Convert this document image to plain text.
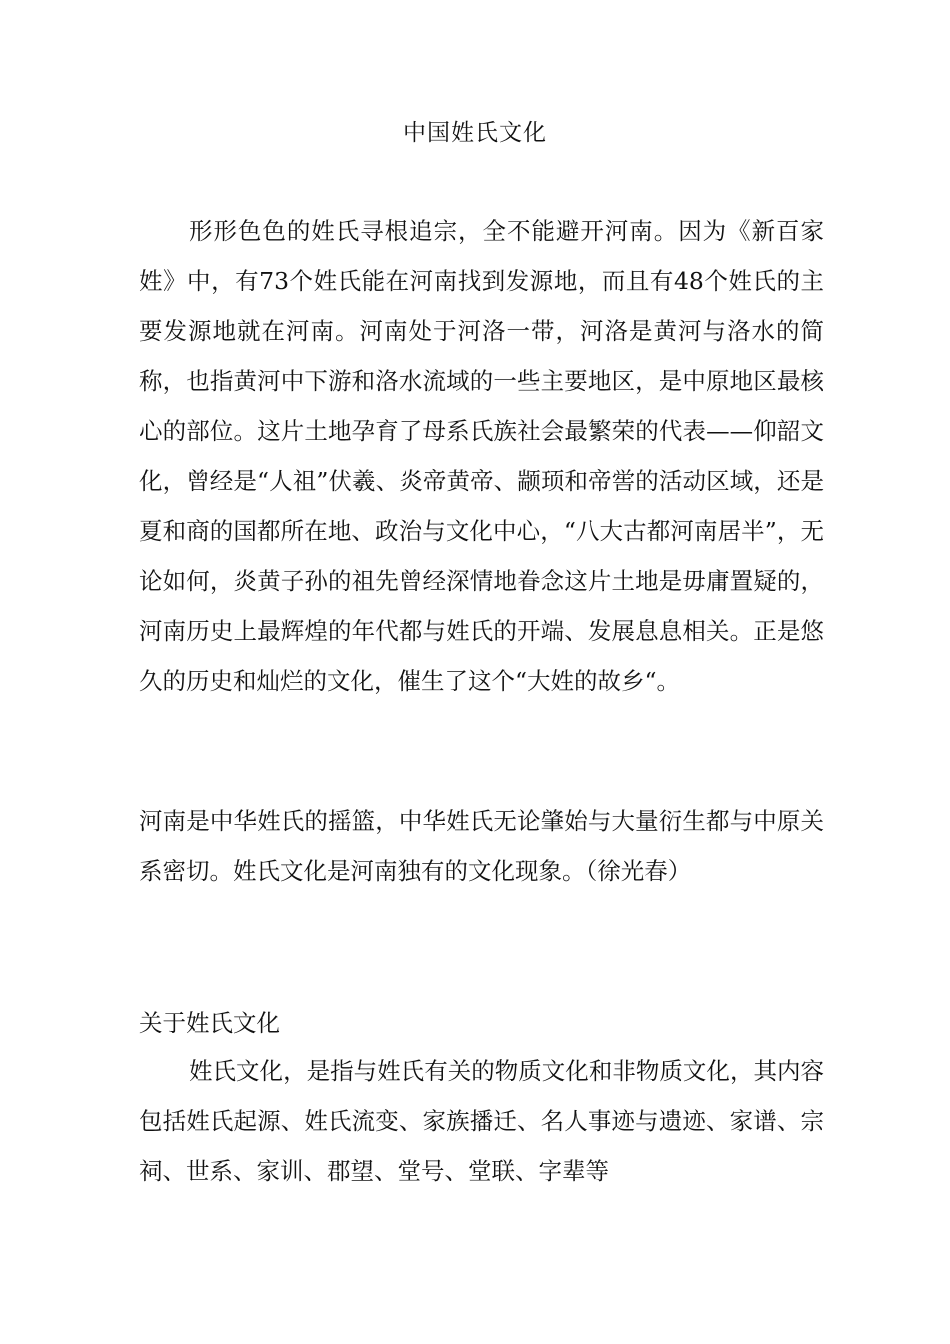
中国姓氏文化

形形色色的姓氏寻根追宗，全不能避开河南。因为《新百家姓》中，有73个姓氏能在河南找到发源地，而且有48个姓氏的主要发源地就在河南。河南处于河洛一带，河洛是黄河与洛水的简称，也指黄河中下游和洛水流域的一些主要地区，是中原地区最核心的部位。这片土地孕育了母系氏族社会最繁荣的代表——仰韶文化，曾经是“人祖”伏羲、炎帝黄帝、颛顼和帝喾的活动区域，还是夏和商的国都所在地、政治与文化中心，“八大古都河南居半”，无论如何，炎黄子孙的祖先曾经深情地眷念这片土地是毋庸置疑的，河南历史上最辉煌的年代都与姓氏的开端、发展息息相关。正是悠久的历史和灿烂的文化，催生了这个“大姓的故乡“。

河南是中华姓氏的摇篮，中华姓氏无论肇始与大量衍生都与中原关系密切。姓氏文化是河南独有的文化现象。（徐光春）

关于姓氏文化

姓氏文化，是指与姓氏有关的物质文化和非物质文化，其内容包括姓氏起源、姓氏流变、家族播迁、名人事迹与遗迹、家谱、宗祠、世系、家训、郡望、堂号、堂联、字辈等
